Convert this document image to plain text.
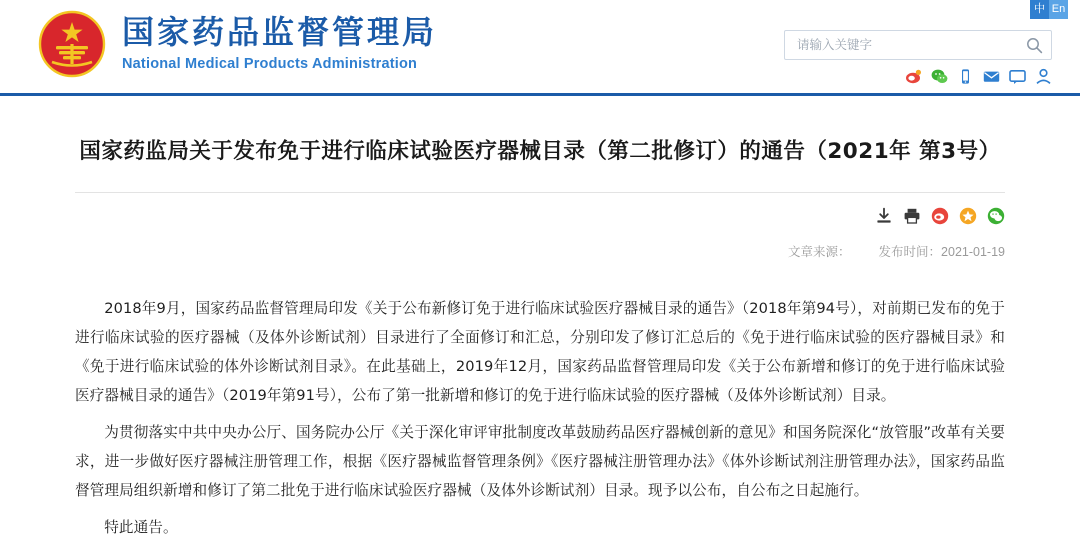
中 En
国家药品监督管理局
National Medical Products Administration
请输入关键字
国家药监局关于发布免于进行临床试验医疗器械目录（第二批修订）的通告（2021年 第3号）
文章来源： 发布时间：2021-01-19

2018年9月，国家药品监督管理局印发《关于公布新修订免于进行临床试验医疗器械目录的通告》（2018年第94号），对前期已发布的免于进行临床试验的医疗器械（及体外诊断试剂）目录进行了全面修订和汇总，分别印发了修订汇总后的《免于进行临床试验的医疗器械目录》和《免于进行临床试验的体外诊断试剂目录》。在此基础上，2019年12月，国家药品监督管理局印发《关于公布新增和修订的免于进行临床试验医疗器械目录的通告》（2019年第91号），公布了第一批新增和修订的免于进行临床试验的医疗器械（及体外诊断试剂）目录。

为贯彻落实中共中央办公厅、国务院办公厅《关于深化审评审批制度改革鼓励药品医疗器械创新的意见》和国务院深化“放管服”改革有关要求，进一步做好医疗器械注册管理工作，根据《医疗器械监督管理条例》《医疗器械注册管理办法》《体外诊断试剂注册管理办法》，国家药品监督管理局组织新增和修订了第二批免于进行临床试验医疗器械（及体外诊断试剂）目录。现予以公布，自公布之日起施行。

特此通告。
